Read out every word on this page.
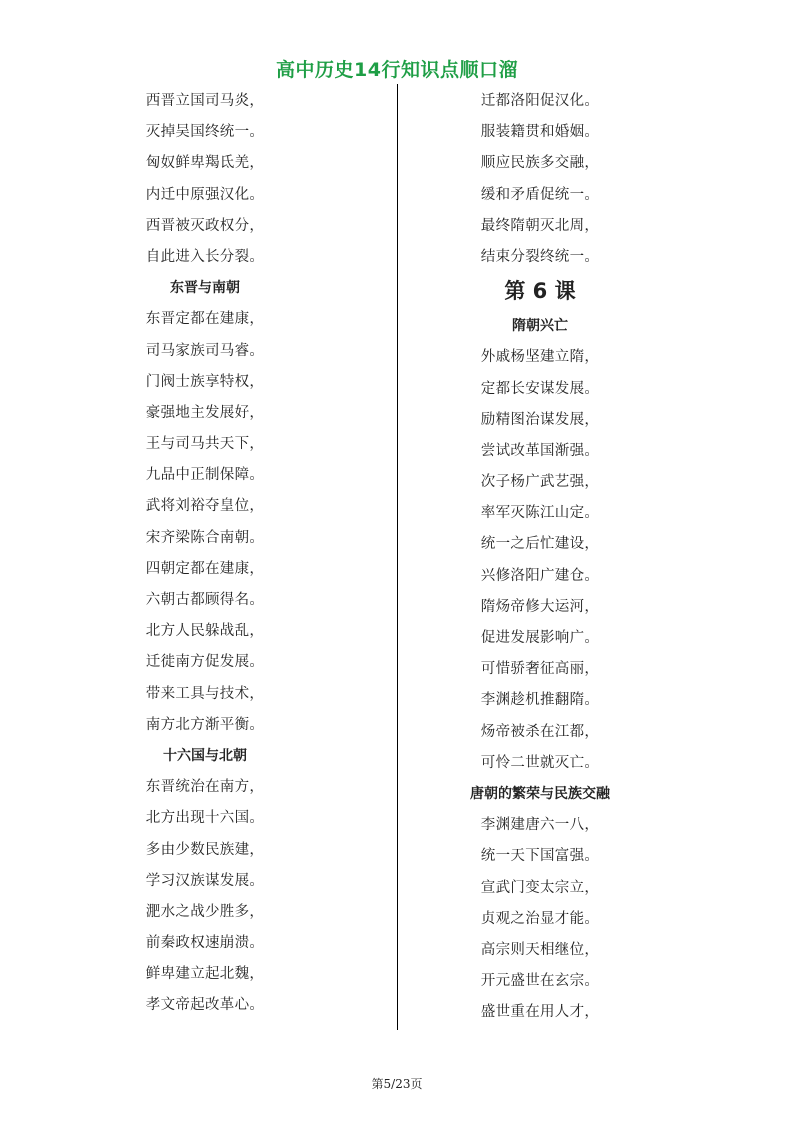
高中历史14行知识点顺口溜
西晋立国司马炎，
灭掉吴国终统一。
匈奴鲜卑羯氐羌，
内迁中原强汉化。
西晋被灭政权分，
自此进入长分裂。
东晋与南朝
东晋定都在建康，
司马家族司马睿。
门阀士族享特权，
豪强地主发展好，
王与司马共天下，
九品中正制保障。
武将刘裕夺皇位，
宋齐梁陈合南朝。
四朝定都在建康，
六朝古都顾得名。
北方人民躲战乱，
迁徙南方促发展。
带来工具与技术，
南方北方渐平衡。
十六国与北朝
东晋统治在南方，
北方出现十六国。
多由少数民族建，
学习汉族谋发展。
淝水之战少胜多，
前秦政权速崩溃。
鲜卑建立起北魏，
孝文帝起改革心。
迁都洛阳促汉化。
服装籍贯和婚姻。
顺应民族多交融，
缓和矛盾促统一。
最终隋朝灭北周，
结束分裂终统一。
第 6 课
隋朝兴亡
外戚杨坚建立隋，
定都长安谋发展。
励精图治谋发展，
尝试改革国渐强。
次子杨广武艺强，
率军灭陈江山定。
统一之后忙建设，
兴修洛阳广建仓。
隋炀帝修大运河，
促进发展影响广。
可惜骄奢征高丽，
李渊趁机推翻隋。
炀帝被杀在江都，
可怜二世就灭亡。
唐朝的繁荣与民族交融
李渊建唐六一八，
统一天下国富强。
宣武门变太宗立，
贞观之治显才能。
高宗则天相继位，
开元盛世在玄宗。
盛世重在用人才，
第5/23页
